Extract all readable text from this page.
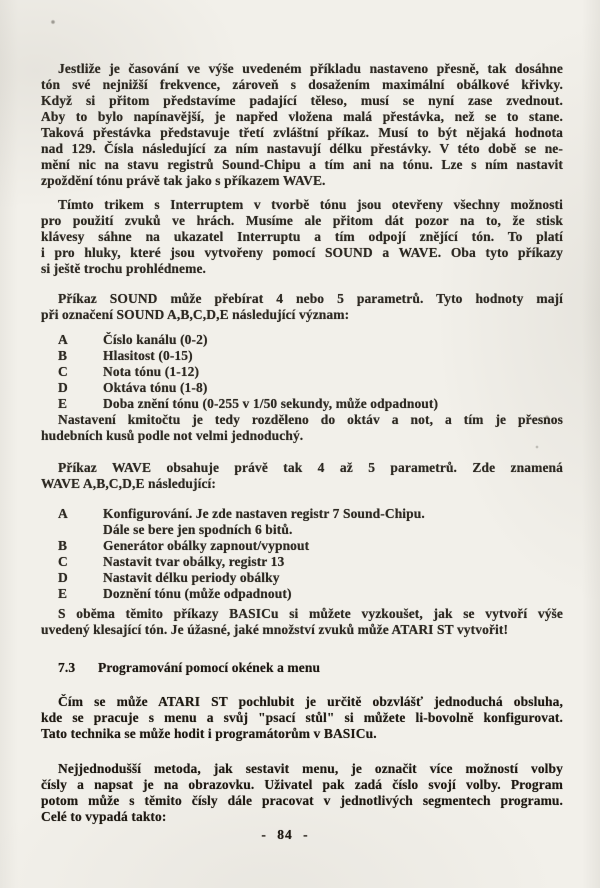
Jestliže je časování ve výše uvedeném příkladu nastaveno přesně, tak dosáhne
tón své nejnižší frekvence, zároveň s dosažením maximální obálkové křivky.
Když si přitom představíme padající těleso, musí se nyní zase zvednout.
Aby to bylo napínavější, je napřed vložena malá přestávka, než se to stane.
Taková přestávka představuje třetí zvláštní příkaz. Musí to být nějaká hodnota
nad 129. Čísla následující za ním nastavují délku přestávky. V této době se ne-
mění nic na stavu registrů Sound-Chipu a tím ani na tónu. Lze s ním nastavit
zpoždění tónu právě tak jako s příkazem WAVE.
Tímto trikem s Interruptem v tvorbě tónu jsou otevřeny všechny možnosti
pro použití zvuků ve hrách. Musíme ale přitom dát pozor na to, že stisk
klávesy sáhne na ukazatel Interruptu a tím odpojí znějící tón. To platí
i pro hluky, které jsou vytvořeny pomocí SOUND a WAVE. Oba tyto příkazy
si ještě trochu prohlédneme.
Příkaz SOUND může přebírat 4 nebo 5 parametrů. Tyto hodnoty mají
při označení SOUND A,B,C,D,E následující význam:
A	Číslo kanálu (0-2)
B	Hlasitost (0-15)
C	Nota tónu (1-12)
D	Oktáva tónu (1-8)
E	Doba znění tónu (0-255 v 1/50 sekundy, může odpadnout)
Nastavení kmitočtu je tedy rozděleno do oktáv a not, a tím je přesnos
hudebních kusů podle not velmi jednoduchý.
Příkaz WAVE obsahuje právě tak 4 až 5 parametrů. Zde znamená
WAVE A,B,C,D,E následující:
A	Konfigurování. Je zde nastaven registr 7 Sound-Chipu.
Dále se bere jen spodních 6 bitů.
B	Generátor obálky zapnout/vypnout
C	Nastavit tvar obálky, registr 13
D	Nastavit délku periody obálky
E	Doznění tónu (může odpadnout)
S oběma těmito příkazy BASICu si můžete vyzkoušet, jak se vytvoří výše
uvedený klesající tón. Je úžasné, jaké množství zvuků může ATARI ST vytvořit!
7.3 Programování pomocí okének a menu
Čím se může ATARI ST pochlubit je určitě obzvlášť jednoduchá obsluha,
kde se pracuje s menu a svůj "psací stůl" si můžete li-bovolně konfigurovat.
Tato technika se může hodit i programátorům v BASICu.
Nejjednodušší metoda, jak sestavit menu, je označit více možností volby
čísly a napsat je na obrazovku. Uživatel pak zadá číslo svojí volby. Program
potom může s těmito čísly dále pracovat v jednotlivých segmentech programu.
Celé to vypadá takto:
- 84 -
